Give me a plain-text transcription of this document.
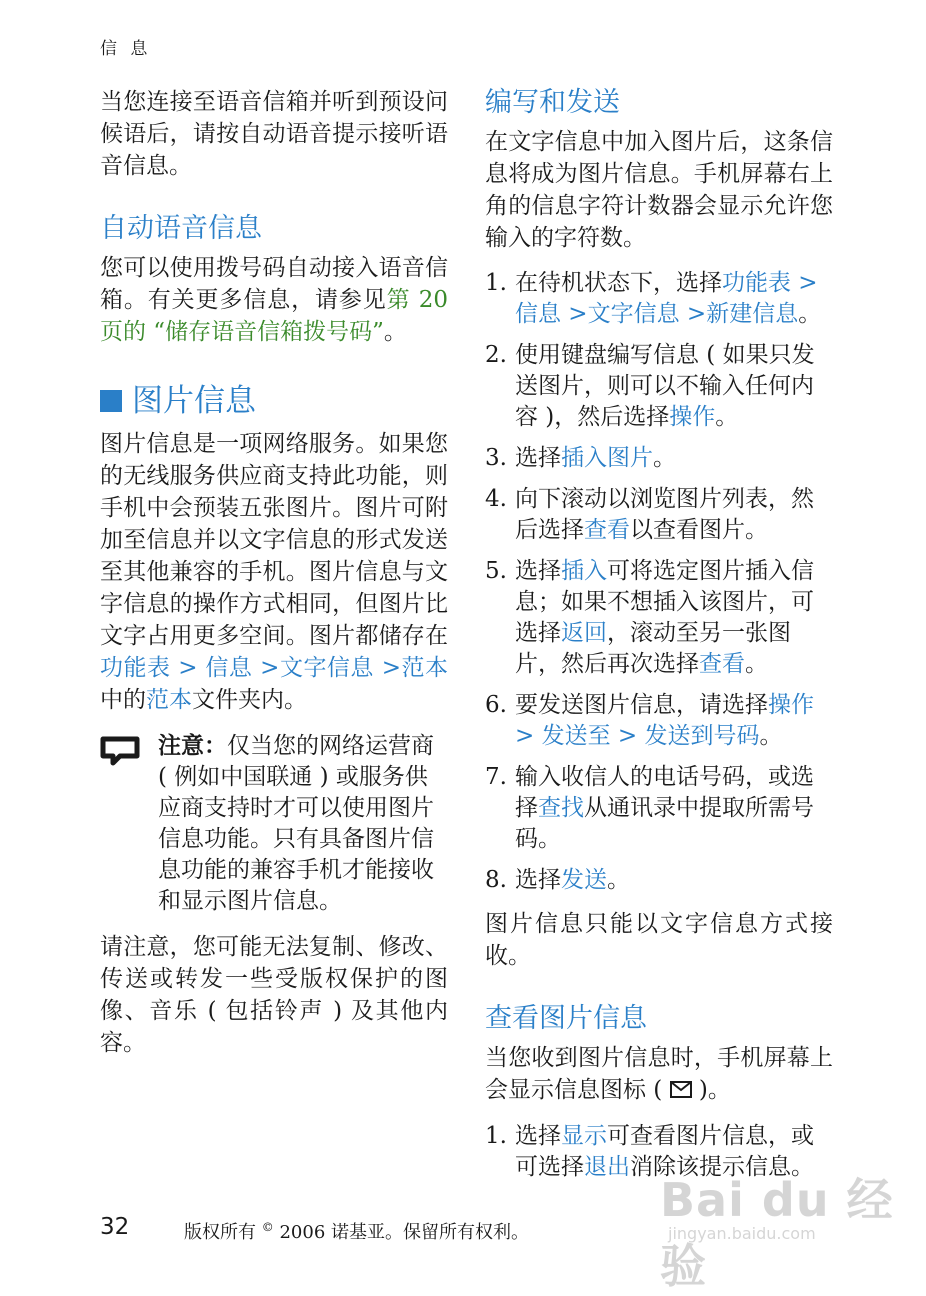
信 息

当您连接至语音信箱并听到预设问候语后，请按自动语音提示接听语音信息。

自动语音信息

您可以使用拨号码自动接入语音信箱。有关更多信息，请参见第 20 页的 “储存语音信箱拨号码”。

图片信息

图片信息是一项网络服务。如果您的无线服务供应商支持此功能，则手机中会预装五张图片。图片可附加至信息并以文字信息的形式发送至其他兼容的手机。图片信息与文字信息的操作方式相同，但图片比文字占用更多空间。图片都储存在功能表 > 信息 >文字信息 >范本中的范本文件夹内。

注意：仅当您的网络运营商 ( 例如中国联通 ) 或服务供应商支持时才可以使用图片信息功能。只有具备图片信息功能的兼容手机才能接收和显示图片信息。

请注意，您可能无法复制、修改、传送或转发一些受版权保护的图像、音乐 ( 包括铃声 ) 及其他内容。

编写和发送

在文字信息中加入图片后，这条信息将成为图片信息。手机屏幕右上角的信息字符计数器会显示允许您输入的字符数。

1. 在待机状态下，选择功能表 > 信息 >文字信息 >新建信息。
2. 使用键盘编写信息 ( 如果只发送图片，则可以不输入任何内容 )，然后选择操作。
3. 选择插入图片。
4. 向下滚动以浏览图片列表，然后选择查看以查看图片。
5. 选择插入可将选定图片插入信息；如果不想插入该图片，可选择返回，滚动至另一张图片，然后再次选择查看。
6. 要发送图片信息，请选择操作 > 发送至 > 发送到号码。
7. 输入收信人的电话号码，或选择查找从通讯录中提取所需号码。
8. 选择发送。

图片信息只能以文字信息方式接收。

查看图片信息

当您收到图片信息时，手机屏幕上会显示信息图标 (  )。

1. 选择显示可查看图片信息，或可选择退出消除该提示信息。
Bai du 经验
jingyan.baidu.com
32	版权所有 © 2006 诺基亚。保留所有权利。
